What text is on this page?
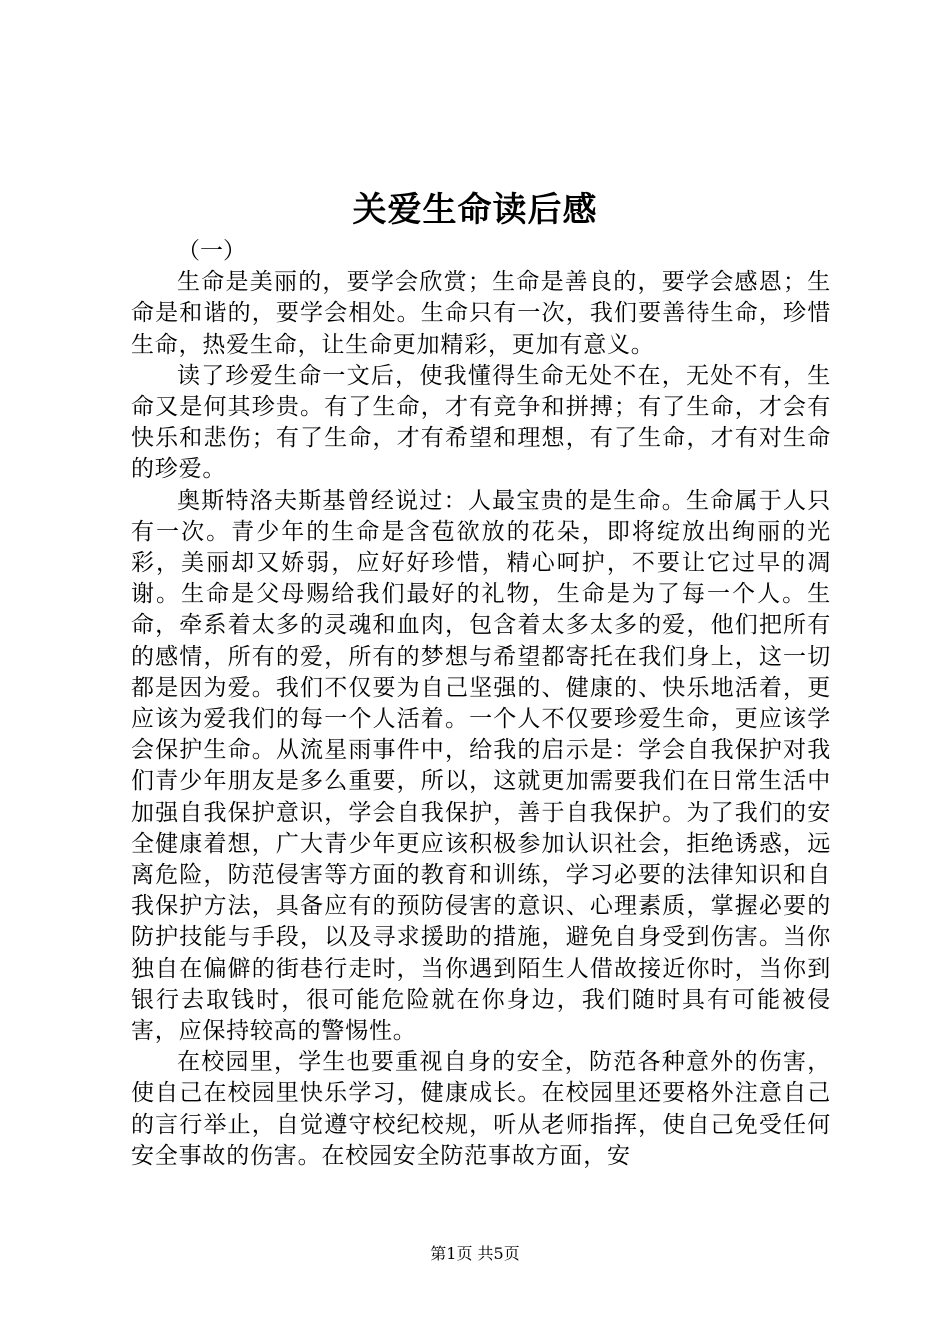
关爱生命读后感

（一）

生命是美丽的，要学会欣赏；生命是善良的，要学会感恩；生命是和谐的，要学会相处。生命只有一次，我们要善待生命，珍惜生命，热爱生命，让生命更加精彩，更加有意义。

读了珍爱生命一文后，使我懂得生命无处不在，无处不有，生命又是何其珍贵。有了生命，才有竞争和拼搏；有了生命，才会有快乐和悲伤；有了生命，才有希望和理想，有了生命，才有对生命的珍爱。

奥斯特洛夫斯基曾经说过：人最宝贵的是生命。生命属于人只有一次。青少年的生命是含苞欲放的花朵，即将绽放出绚丽的光彩，美丽却又娇弱，应好好珍惜，精心呵护，不要让它过早的凋谢。生命是父母赐给我们最好的礼物，生命是为了每一个人。生命，牵系着太多的灵魂和血肉，包含着太多太多的爱，他们把所有的感情，所有的爱，所有的梦想与希望都寄托在我们身上，这一切都是因为爱。我们不仅要为自己坚强的、健康的、快乐地活着，更应该为爱我们的每一个人活着。一个人不仅要珍爱生命，更应该学会保护生命。从流星雨事件中，给我的启示是：学会自我保护对我们青少年朋友是多么重要，所以，这就更加需要我们在日常生活中加强自我保护意识，学会自我保护，善于自我保护。为了我们的安全健康着想，广大青少年更应该积极参加认识社会，拒绝诱惑，远离危险，防范侵害等方面的教育和训练，学习必要的法律知识和自我保护方法，具备应有的预防侵害的意识、心理素质，掌握必要的防护技能与手段，以及寻求援助的措施，避免自身受到伤害。当你独自在偏僻的街巷行走时，当你遇到陌生人借故接近你时，当你到银行去取钱时，很可能危险就在你身边，我们随时具有可能被侵害，应保持较高的警惕性。

在校园里，学生也要重视自身的安全，防范各种意外的伤害，使自己在校园里快乐学习，健康成长。在校园里还要格外注意自己的言行举止，自觉遵守校纪校规，听从老师指挥，使自己免受任何安全事故的伤害。在校园安全防范事故方面，安

第1页 共5页
